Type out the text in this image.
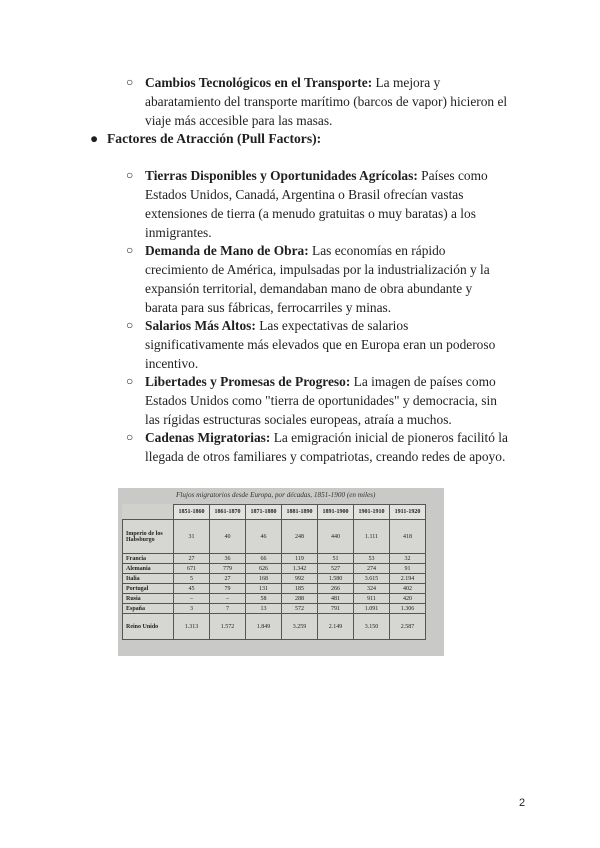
○ Cambios Tecnológicos en el Transporte: La mejora y
abaratamiento del transporte marítimo (barcos de vapor) hicieron el
viaje más accesible para las masas.
● Factores de Atracción (Pull Factors):
○ Tierras Disponibles y Oportunidades Agrícolas: Países como
Estados Unidos, Canadá, Argentina o Brasil ofrecían vastas
extensiones de tierra (a menudo gratuitas o muy baratas) a los
inmigrantes.
○ Demanda de Mano de Obra: Las economías en rápido
crecimiento de América, impulsadas por la industrialización y la
expansión territorial, demandaban mano de obra abundante y
barata para sus fábricas, ferrocarriles y minas.
○ Salarios Más Altos: Las expectativas de salarios
significativamente más elevados que en Europa eran un poderoso
incentivo.
○ Libertades y Promesas de Progreso: La imagen de países como
Estados Unidos como "tierra de oportunidades" y democracia, sin
las rígidas estructuras sociales europeas, atraía a muchos.
○ Cadenas Migratorias: La emigración inicial de pioneros facilitó la
llegada de otros familiares y compatriotas, creando redes de apoyo.
Flujos migratorios desde Europa, por décadas, 1851-1900 (en miles)
	1851-1860	1861-1870	1871-1880	1881-1890	1891-1900	1901-1910	1911-1920
Imperio de los Habsburgo	31	40	46	248	440	1.111	418
Francia	27	36	66	119	51	53	32
Alemania	671	779	626	1.342	527	274	91
Italia	5	27	168	992	1.580	3.615	2.194
Portugal	45	79	131	185	266	324	402
Rusia	–	–	58	288	481	911	420
España	3	7	13	572	791	1.091	1.306
Reino Unido	1.313	1.572	1.849	3.259	2.149	3.150	2.587
2
